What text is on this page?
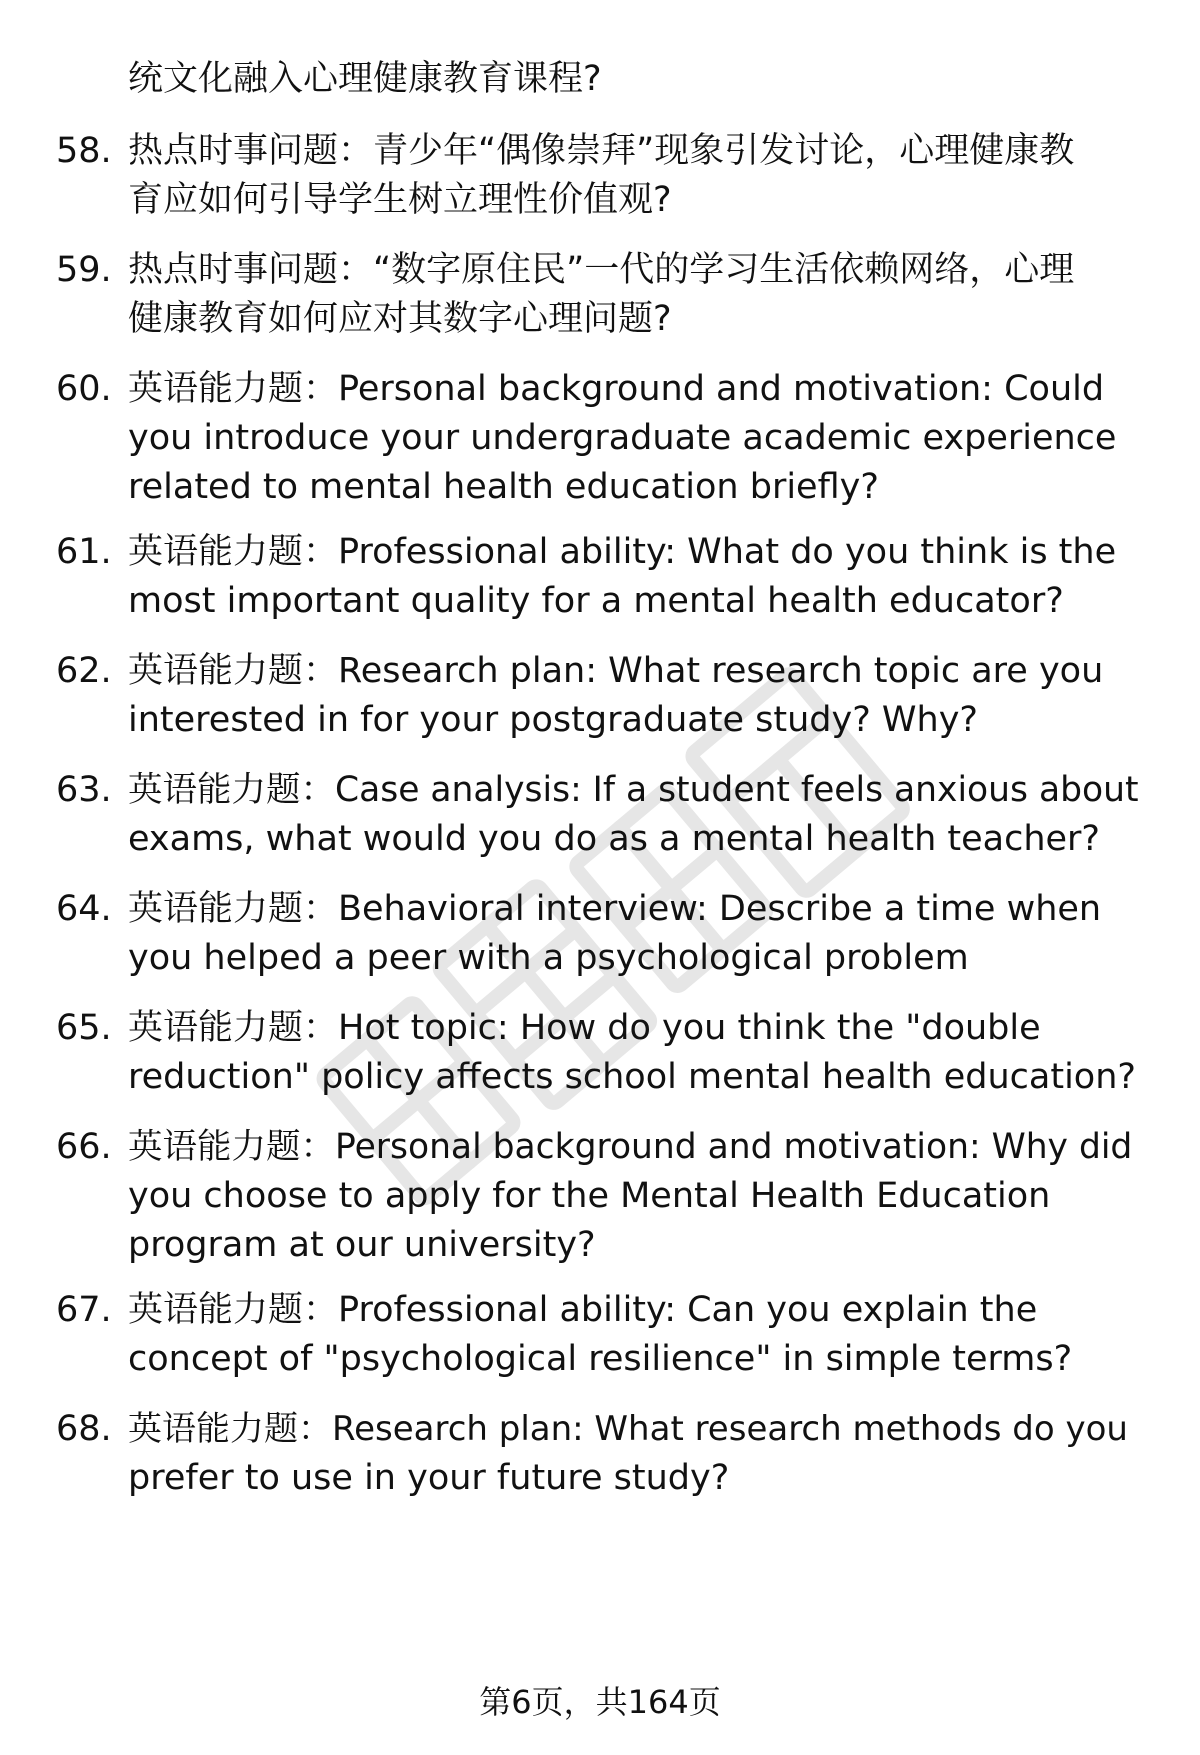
统文化融入心理健康教育课程?
58. 热点时事问题：青少年“偶像崇拜”现象引发讨论，心理健康教
育应如何引导学生树立理性价值观?
59. 热点时事问题：“数字原住民”一代的学习生活依赖网络，心理
健康教育如何应对其数字心理问题?
60. 英语能力题：Personal background and motivation: Could
you introduce your undergraduate academic experience
related to mental health education briefly?
61. 英语能力题：Professional ability: What do you think is the
most important quality for a mental health educator?
62. 英语能力题：Research plan: What research topic are you
interested in for your postgraduate study? Why?
63. 英语能力题：Case analysis: If a student feels anxious about
exams, what would you do as a mental health teacher?
64. 英语能力题：Behavioral interview: Describe a time when
you helped a peer with a psychological problem
65. 英语能力题：Hot topic: How do you think the "double
reduction" policy affects school mental health education?
66. 英语能力题：Personal background and motivation: Why did
you choose to apply for the Mental Health Education
program at our university?
67. 英语能力题：Professional ability: Can you explain the
concept of "psychological resilience" in simple terms?
68. 英语能力题：Research plan: What research methods do you
prefer to use in your future study?
第6页，共164页
